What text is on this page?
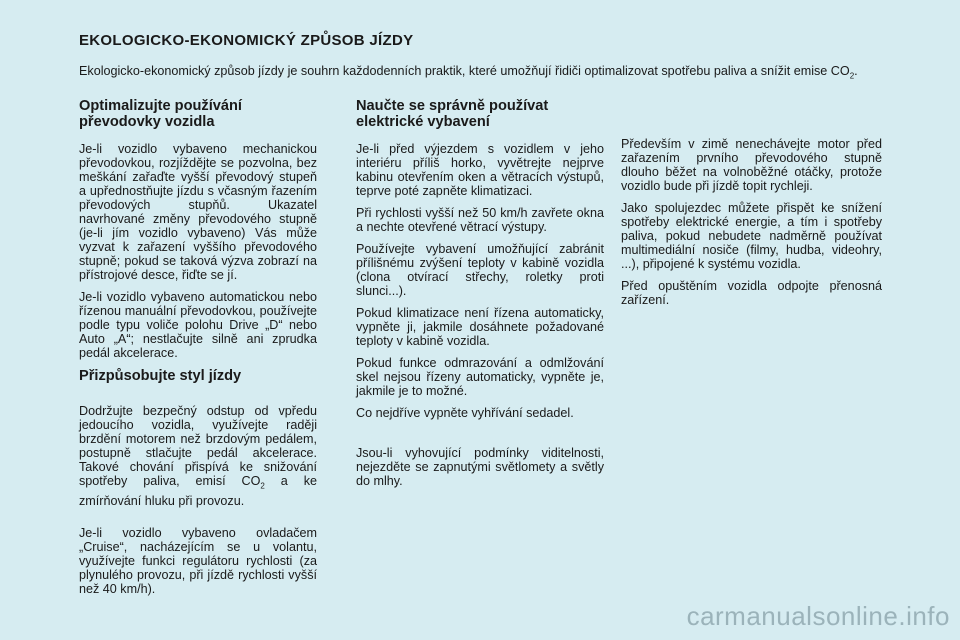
EKOLOGICKO-EKONOMICKÝ ZPŮSOB JÍZDY

Ekologicko-ekonomický způsob jízdy je souhrn každodenních praktik, které umožňují řidiči optimalizovat spotřebu paliva a snížit emise $CO_2$.

Optimalizujte používání převodovky vozidla

Je-li vozidlo vybaveno mechanickou převodovkou, rozjíždějte se pozvolna, bez meškání zařaďte vyšší převodový stupeň a upřednostňujte jízdu s včasným řazením převodových stupňů. Ukazatel navrhované změny převodového stupně (je-li jím vozidlo vybaveno) Vás může vyzvat k zařazení vyššího převodového stupně; pokud se taková výzva zobrazí na přístrojové desce, řiďte se jí.

Je-li vozidlo vybaveno automatickou nebo řízenou manuální převodovkou, používejte podle typu voliče polohu Drive „D“ nebo Auto „A“; nestlačujte silně ani zprudka pedál akcelerace.

Přizpůsobujte styl jízdy

Dodržujte bezpečný odstup od vpředu jedoucího vozidla, využívejte raději brzdění motorem než brzdovým pedálem, postupně stlačujte pedál akcelerace. Takové chování přispívá ke snižování spotřeby paliva, emisí $CO_2$ a ke zmírňování hluku při provozu.

Je-li vozidlo vybaveno ovladačem „Cruise“, nacházejícím se u volantu, využívejte funkci regulátoru rychlosti (za plynulého provozu, při jízdě rychlosti vyšší než 40 km/h).

Naučte se správně používat elektrické vybavení

Je-li před výjezdem s vozidlem v jeho interiéru příliš horko, vyvětrejte nejprve kabinu otevřením oken a větracích výstupů, teprve poté zapněte klimatizaci.

Při rychlosti vyšší než 50 km/h zavřete okna a nechte otevřené větrací výstupy.

Používejte vybavení umožňující zabránit přílišnému zvýšení teploty v kabině vozidla (clona otvírací střechy, roletky proti slunci...).

Pokud klimatizace není řízena automaticky, vypněte ji, jakmile dosáhnete požadované teploty v kabině vozidla.

Pokud funkce odmrazování a odmlžování skel nejsou řízeny automaticky, vypněte je, jakmile je to možné.

Co nejdříve vypněte vyhřívání sedadel.

Jsou-li vyhovující podmínky viditelnosti, nejezděte se zapnutými světlomety a světly do mlhy.

Především v zimě nenechávejte motor před zařazením prvního převodového stupně dlouho běžet na volnoběžné otáčky, protože vozidlo bude při jízdě topit rychleji.

Jako spolujezdec můžete přispět ke snížení spotřeby elektrické energie, a tím i spotřeby paliva, pokud nebudete nadměrně používat multimediální nosiče (filmy, hudba, videohry, ...), připojené k systému vozidla.

Před opuštěním vozidla odpojte přenosná zařízení.

carmanualsonline.info
